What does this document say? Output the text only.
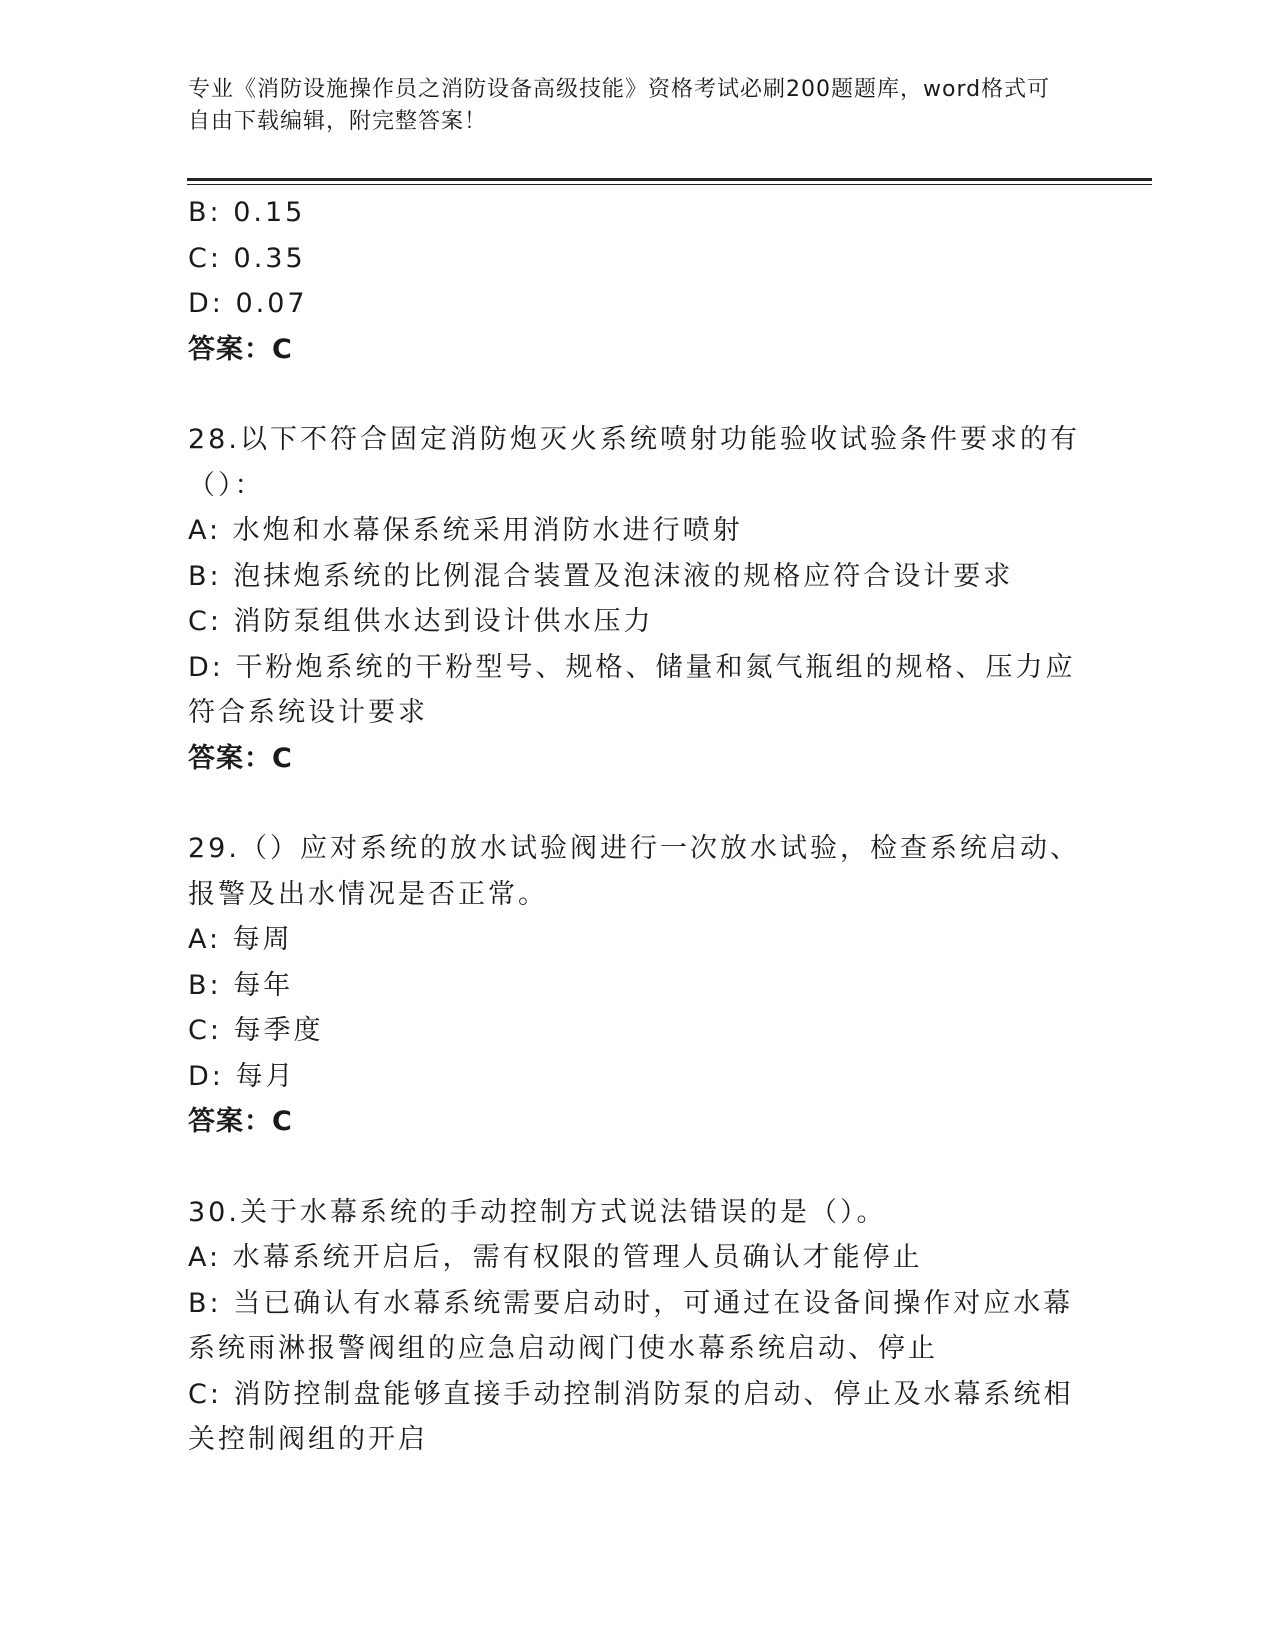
专业《消防设施操作员之消防设备高级技能》资格考试必刷200题题库，word格式可自由下载编辑，附完整答案！

B: 0.15

C: 0.35

D: 0.07

答案：C

28.以下不符合固定消防炮灭火系统喷射功能验收试验条件要求的有（）：

A: 水炮和水幕保系统采用消防水进行喷射

B: 泡抹炮系统的比例混合装置及泡沫液的规格应符合设计要求

C: 消防泵组供水达到设计供水压力

D: 干粉炮系统的干粉型号、规格、储量和氮气瓶组的规格、压力应符合系统设计要求

答案：C

29.（）应对系统的放水试验阀进行一次放水试验，检查系统启动、报警及出水情况是否正常。

A: 每周

B: 每年

C: 每季度

D: 每月

答案：C

30.关于水幕系统的手动控制方式说法错误的是（）。

A: 水幕系统开启后，需有权限的管理人员确认才能停止

B: 当已确认有水幕系统需要启动时，可通过在设备间操作对应水幕系统雨淋报警阀组的应急启动阀门使水幕系统启动、停止

C: 消防控制盘能够直接手动控制消防泵的启动、停止及水幕系统相关控制阀组的开启
